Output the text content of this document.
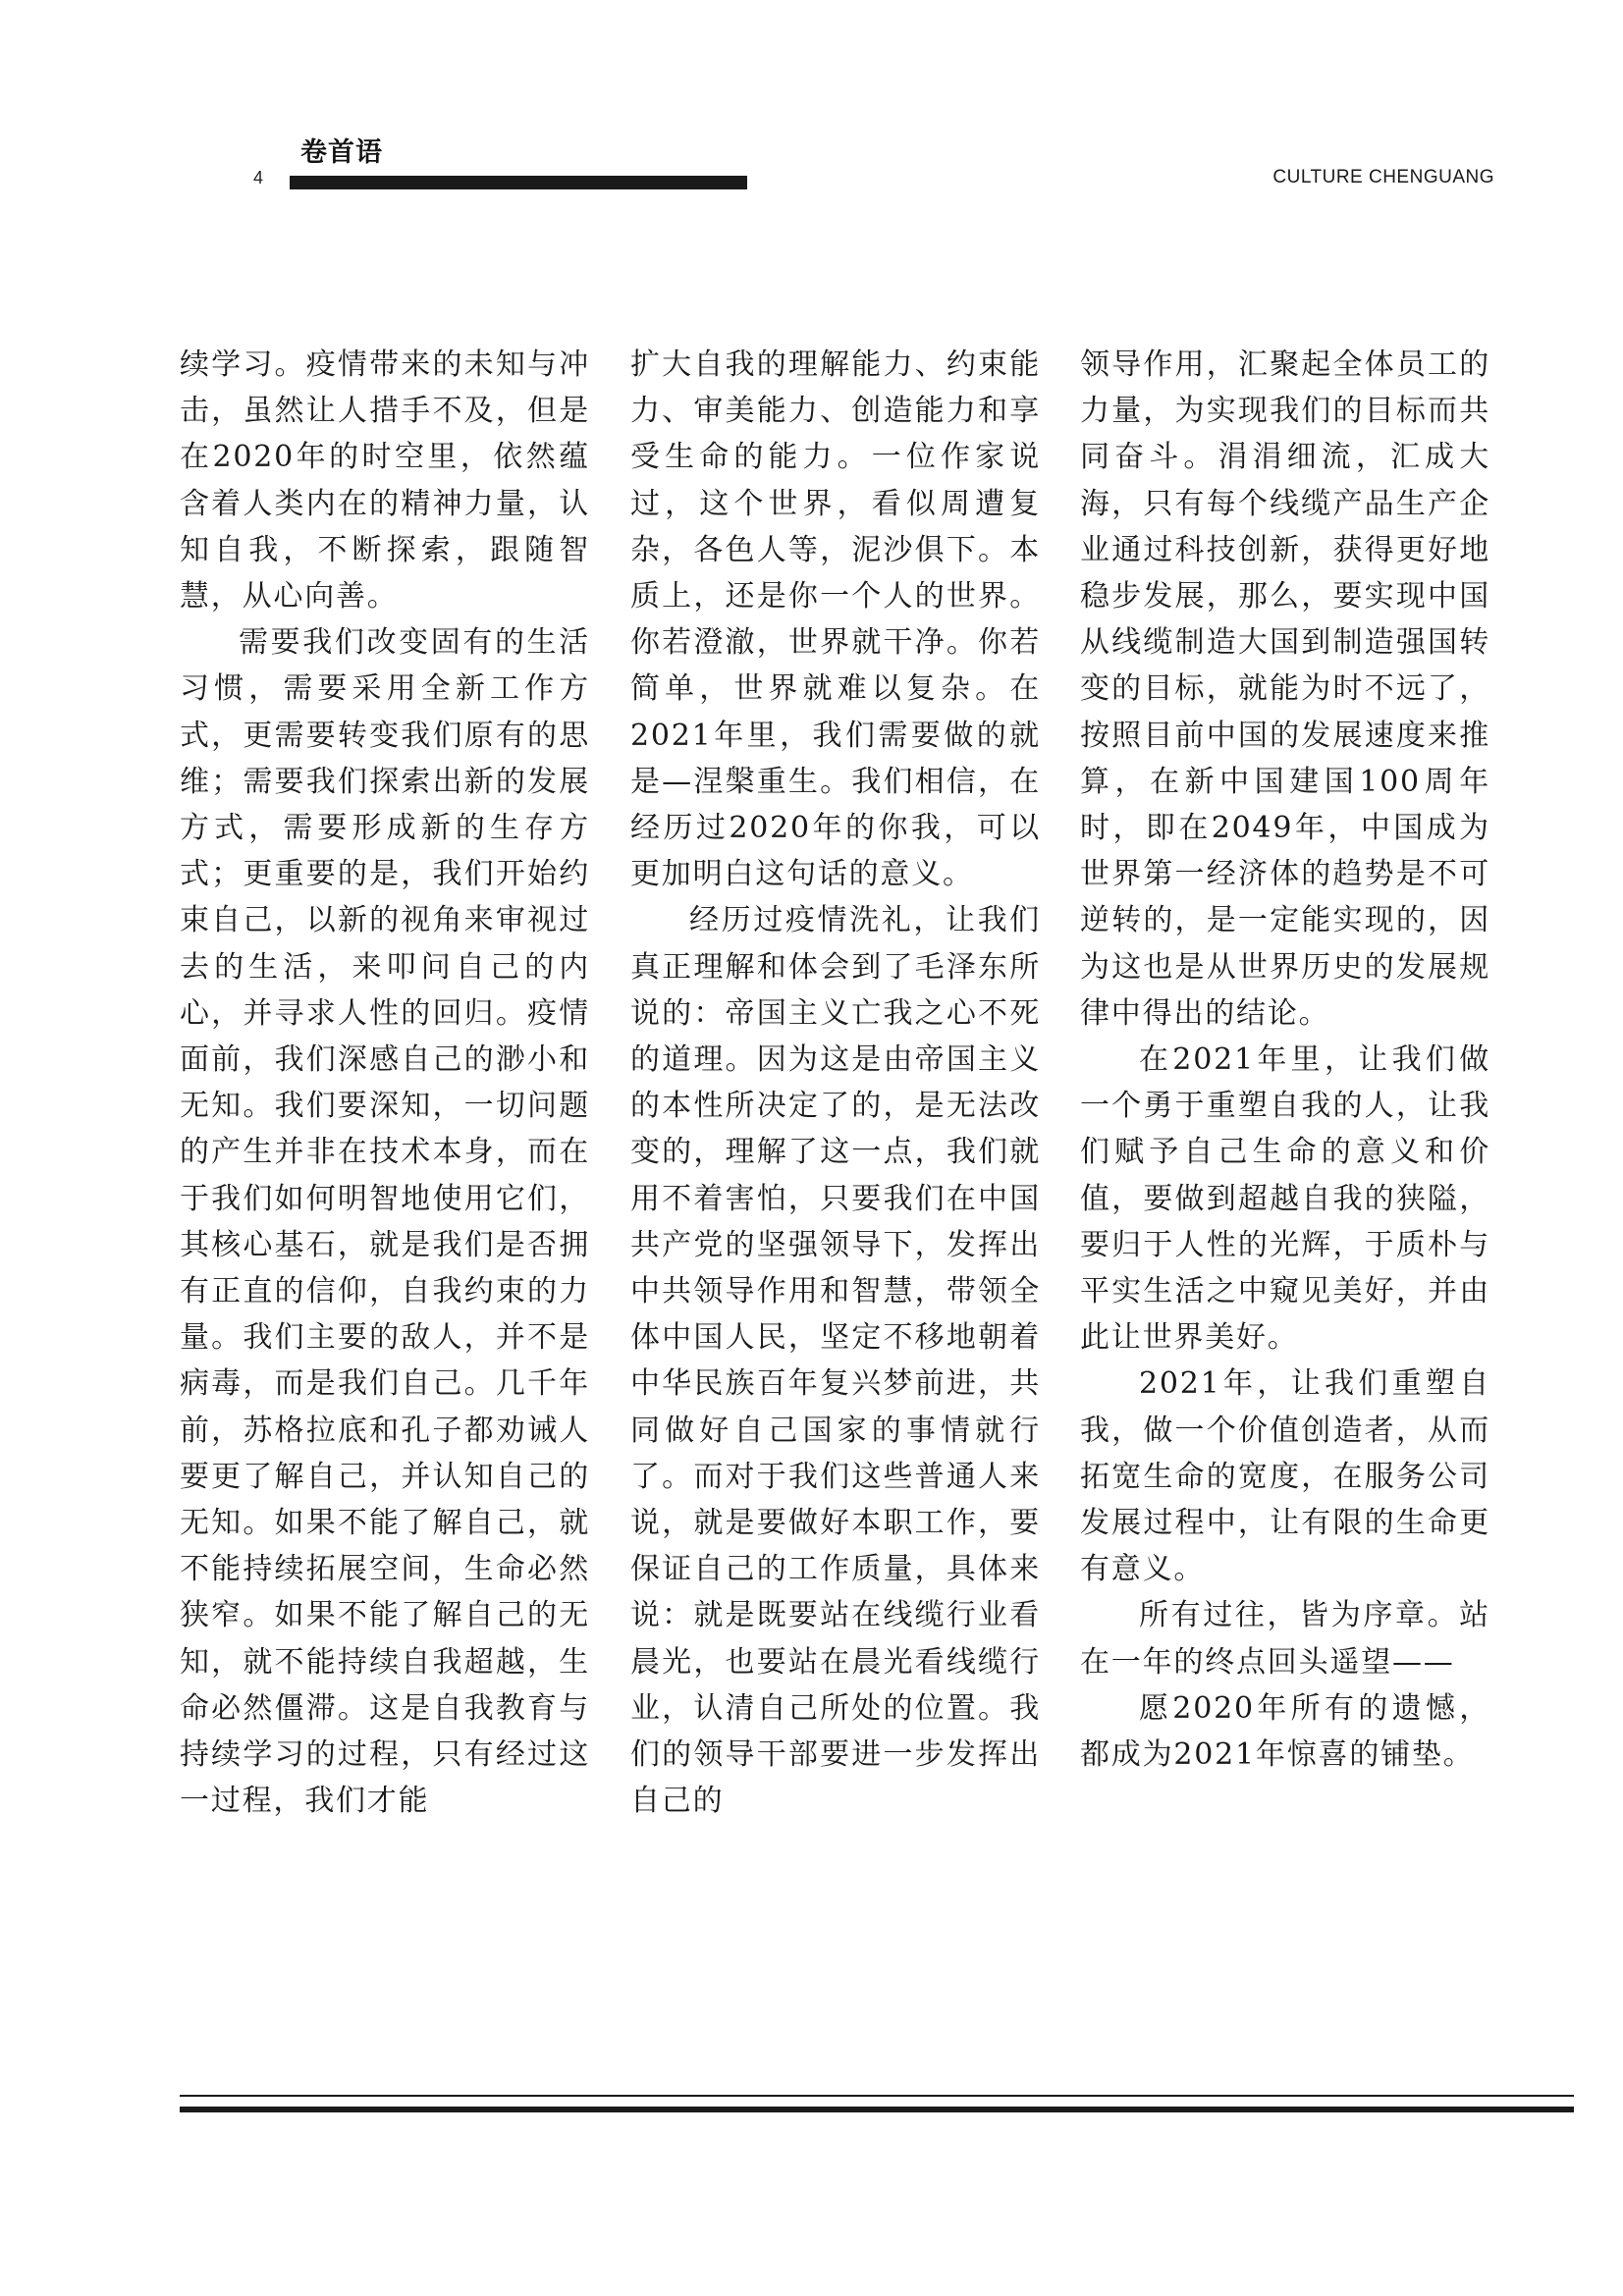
卷首语
4	CULTURE CHENGUANG

续学习。疫情带来的未知与冲击，虽然让人措手不及，但是在2020年的时空里，依然蕴含着人类内在的精神力量，认知自我，不断探索，跟随智慧，从心向善。

需要我们改变固有的生活习惯，需要采用全新工作方式，更需要转变我们原有的思维；需要我们探索出新的发展方式，需要形成新的生存方式；更重要的是，我们开始约束自己，以新的视角来审视过去的生活，来叩问自己的内心，并寻求人性的回归。疫情面前，我们深感自己的渺小和无知。我们要深知，一切问题的产生并非在技术本身，而在于我们如何明智地使用它们，其核心基石，就是我们是否拥有正直的信仰，自我约束的力量。我们主要的敌人，并不是病毒，而是我们自己。几千年前，苏格拉底和孔子都劝诫人要更了解自己，并认知自己的无知。如果不能了解自己，就不能持续拓展空间，生命必然狭窄。如果不能了解自己的无知，就不能持续自我超越，生命必然僵滞。这是自我教育与持续学习的过程，只有经过这一过程，我们才能

扩大自我的理解能力、约束能力、审美能力、创造能力和享受生命的能力。一位作家说过，这个世界，看似周遭复杂，各色人等，泥沙俱下。本质上，还是你一个人的世界。你若澄澈，世界就干净。你若简单，世界就难以复杂。在2021年里，我们需要做的就是—涅槃重生。我们相信，在经历过2020年的你我，可以更加明白这句话的意义。

经历过疫情洗礼，让我们真正理解和体会到了毛泽东所说的：帝国主义亡我之心不死的道理。因为这是由帝国主义的本性所决定了的，是无法改变的，理解了这一点，我们就用不着害怕，只要我们在中国共产党的坚强领导下，发挥出中共领导作用和智慧，带领全体中国人民，坚定不移地朝着中华民族百年复兴梦前进，共同做好自己国家的事情就行了。而对于我们这些普通人来说，就是要做好本职工作，要保证自己的工作质量，具体来说：就是既要站在线缆行业看晨光，也要站在晨光看线缆行业，认清自己所处的位置。我们的领导干部要进一步发挥出自己的

领导作用，汇聚起全体员工的力量，为实现我们的目标而共同奋斗。涓涓细流，汇成大海，只有每个线缆产品生产企业通过科技创新，获得更好地稳步发展，那么，要实现中国从线缆制造大国到制造强国转变的目标，就能为时不远了，按照目前中国的发展速度来推算，在新中国建国100周年时，即在2049年，中国成为世界第一经济体的趋势是不可逆转的，是一定能实现的，因为这也是从世界历史的发展规律中得出的结论。

在2021年里，让我们做一个勇于重塑自我的人，让我们赋予自己生命的意义和价值，要做到超越自我的狭隘，要归于人性的光辉，于质朴与平实生活之中窥见美好，并由此让世界美好。

2021年，让我们重塑自我，做一个价值创造者，从而拓宽生命的宽度，在服务公司发展过程中，让有限的生命更有意义。

所有过往，皆为序章。站在一年的终点回头遥望——

愿2020年所有的遗憾，都成为2021年惊喜的铺垫。
